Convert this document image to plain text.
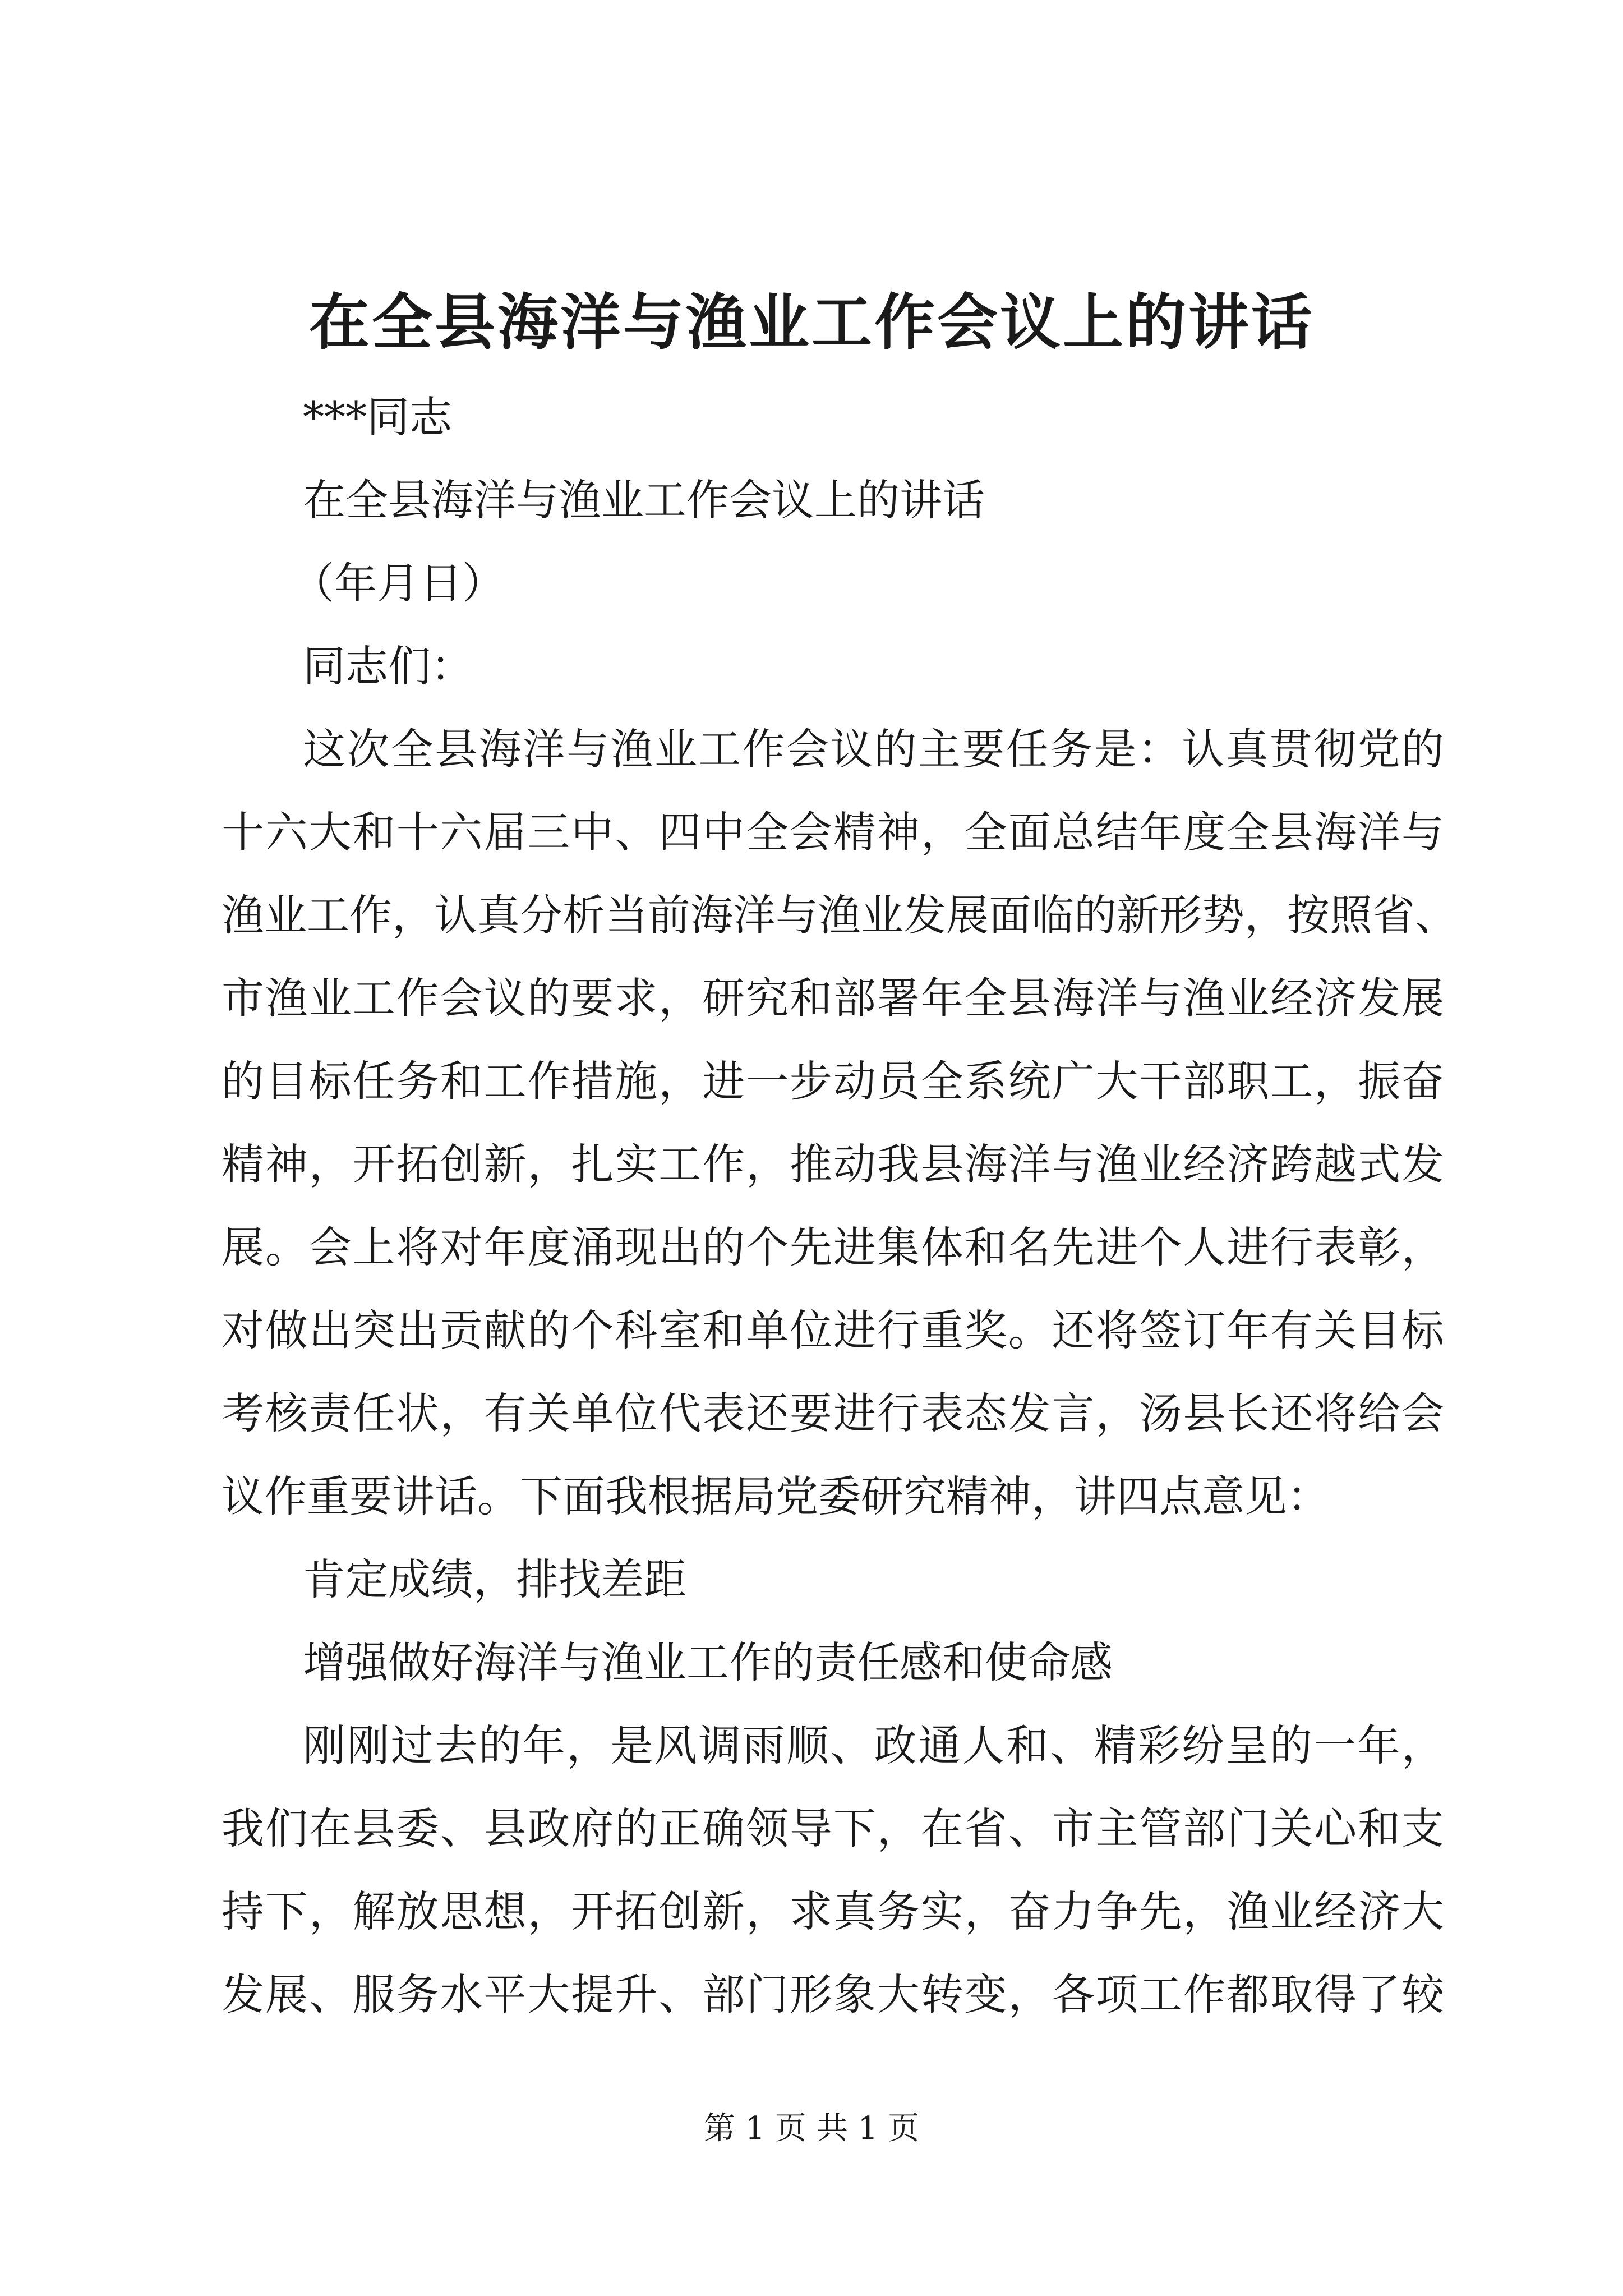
在全县海洋与渔业工作会议上的讲话

***同志

在全县海洋与渔业工作会议上的讲话

（年月日）

同志们：

这次全县海洋与渔业工作会议的主要任务是：认真贯彻党的
十六大和十六届三中、四中全会精神，全面总结年度全县海洋与
渔业工作，认真分析当前海洋与渔业发展面临的新形势，按照省、
市渔业工作会议的要求，研究和部署年全县海洋与渔业经济发展
的目标任务和工作措施，进一步动员全系统广大干部职工，振奋
精神，开拓创新，扎实工作，推动我县海洋与渔业经济跨越式发
展。会上将对年度涌现出的个先进集体和名先进个人进行表彰，
对做出突出贡献的个科室和单位进行重奖。还将签订年有关目标
考核责任状，有关单位代表还要进行表态发言，汤县长还将给会
议作重要讲话。下面我根据局党委研究精神，讲四点意见：

肯定成绩，排找差距

增强做好海洋与渔业工作的责任感和使命感

刚刚过去的年，是风调雨顺、政通人和、精彩纷呈的一年，
我们在县委、县政府的正确领导下，在省、市主管部门关心和支
持下，解放思想，开拓创新，求真务实，奋力争先，渔业经济大
发展、服务水平大提升、部门形象大转变，各项工作都取得了较
第 1 页 共 1 页
